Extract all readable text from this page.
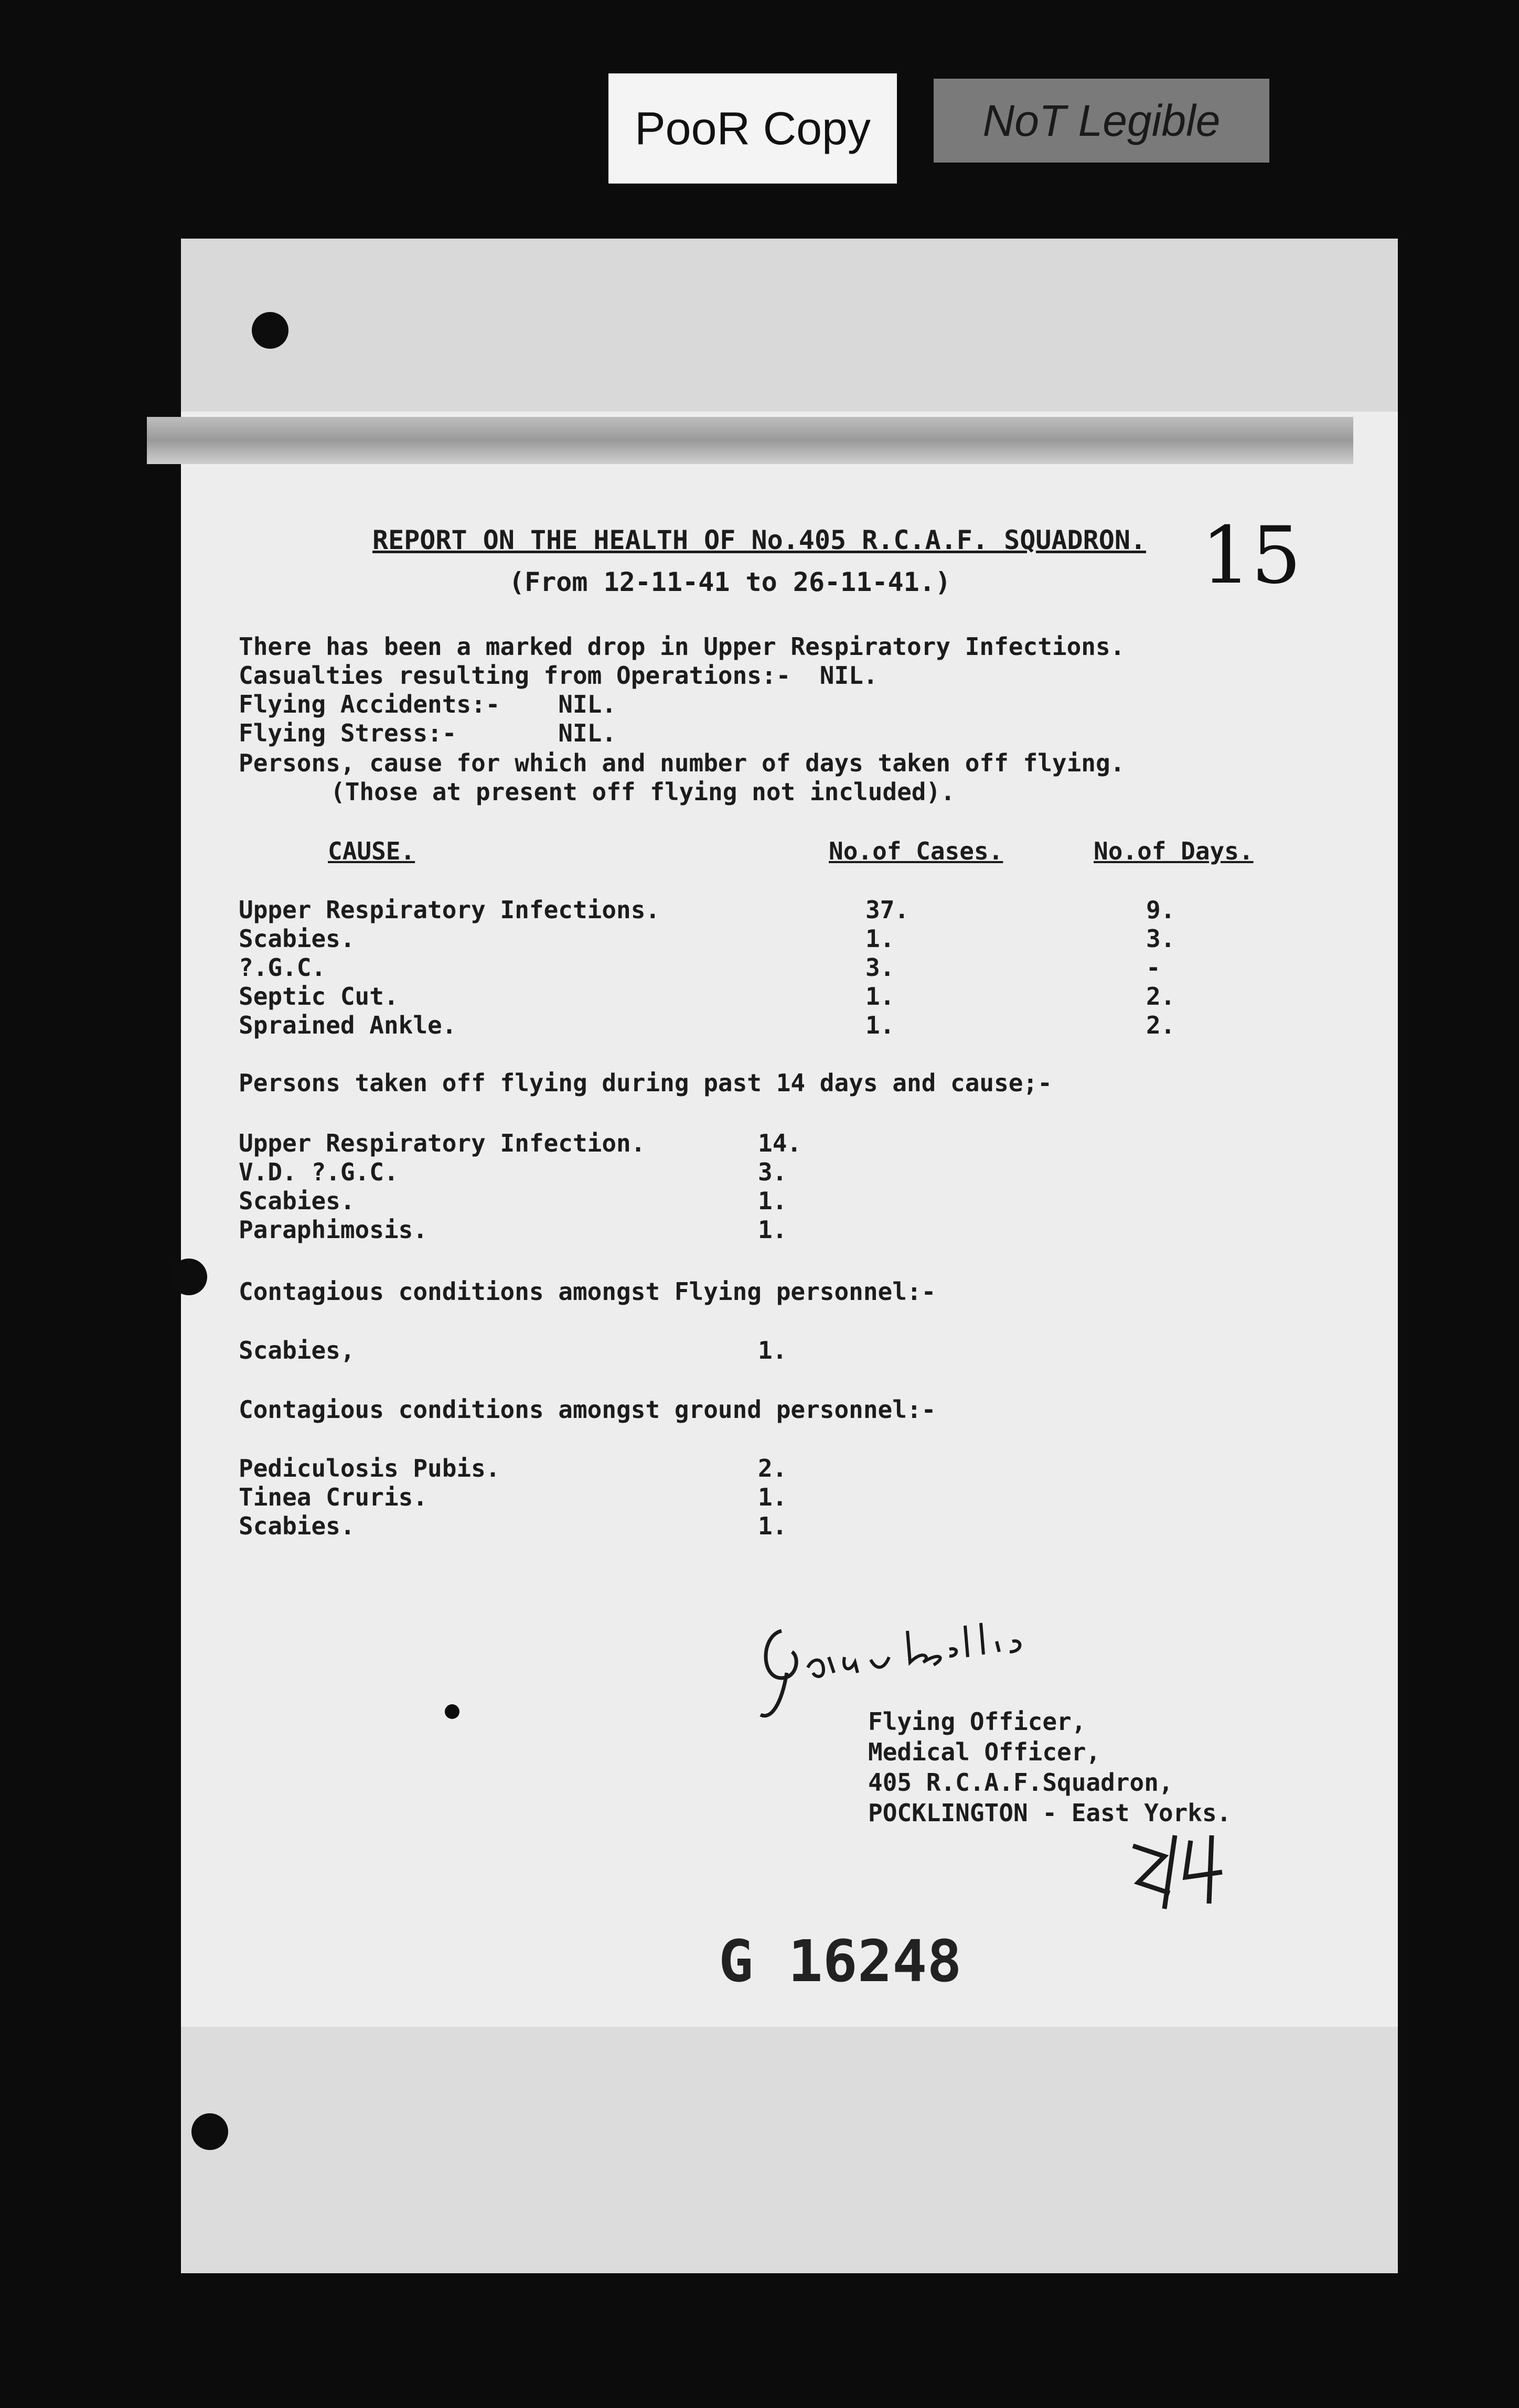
PooR Copy	NoT Legible
REPORT ON THE HEALTH OF No.405 R.C.A.F. SQUADRON.
(From 12-11-41 to 26-11-41.)	15
There has been a marked drop in Upper Respiratory Infections.
Casualties resulting from Operations:-  NIL.
Flying Accidents:-    NIL.
Flying Stress:-       NIL.
Persons, cause for which and number of days taken off flying.
(Those at present off flying not included).
CAUSE.	No.of Cases.	No.of Days.
Upper Respiratory Infections.	37.	9.
Scabies.	1.	3.
?.G.C.	3.	-
Septic Cut.	1.	2.
Sprained Ankle.	1.	2.
Persons taken off flying during past 14 days and cause;-
Upper Respiratory Infection.	14.
V.D. ?.G.C.	3.
Scabies.	1.
Paraphimosis.	1.
Contagious conditions amongst Flying personnel:-
Scabies,	1.
Contagious conditions amongst ground personnel:-
Pediculosis Pubis.	2.
Tinea Cruris.	1.
Scabies.	1.
Flying Officer,
Medical Officer,
405 R.C.A.F.Squadron,
POCKLINGTON - East Yorks.
G 16248
